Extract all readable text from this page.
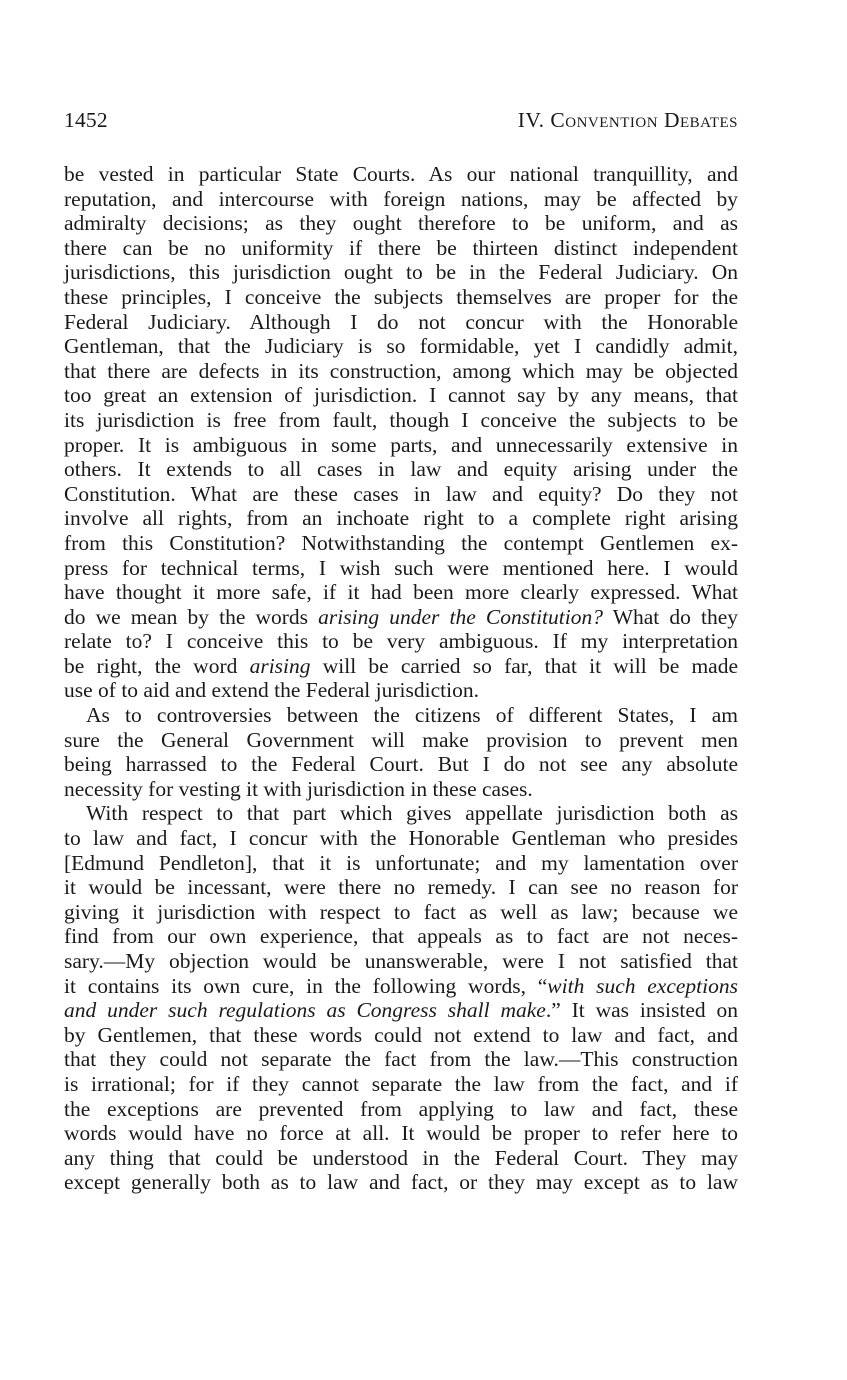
1452	IV. Convention Debates
be vested in particular State Courts. As our national tranquillity, and
reputation, and intercourse with foreign nations, may be affected by
admiralty decisions; as they ought therefore to be uniform, and as
there can be no uniformity if there be thirteen distinct independent
jurisdictions, this jurisdiction ought to be in the Federal Judiciary. On
these principles, I conceive the subjects themselves are proper for the
Federal Judiciary. Although I do not concur with the Honorable
Gentleman, that the Judiciary is so formidable, yet I candidly admit,
that there are defects in its construction, among which may be objected
too great an extension of jurisdiction. I cannot say by any means, that
its jurisdiction is free from fault, though I conceive the subjects to be
proper. It is ambiguous in some parts, and unnecessarily extensive in
others. It extends to all cases in law and equity arising under the
Constitution. What are these cases in law and equity? Do they not
involve all rights, from an inchoate right to a complete right arising
from this Constitution? Notwithstanding the contempt Gentlemen ex-
press for technical terms, I wish such were mentioned here. I would
have thought it more safe, if it had been more clearly expressed. What
do we mean by the words arising under the Constitution? What do they
relate to? I conceive this to be very ambiguous. If my interpretation
be right, the word arising will be carried so far, that it will be made
use of to aid and extend the Federal jurisdiction.
As to controversies between the citizens of different States, I am
sure the General Government will make provision to prevent men
being harrassed to the Federal Court. But I do not see any absolute
necessity for vesting it with jurisdiction in these cases.
With respect to that part which gives appellate jurisdiction both as
to law and fact, I concur with the Honorable Gentleman who presides
[Edmund Pendleton], that it is unfortunate; and my lamentation over
it would be incessant, were there no remedy. I can see no reason for
giving it jurisdiction with respect to fact as well as law; because we
find from our own experience, that appeals as to fact are not neces-
sary.—My objection would be unanswerable, were I not satisfied that
it contains its own cure, in the following words, “with such exceptions
and under such regulations as Congress shall make.” It was insisted on
by Gentlemen, that these words could not extend to law and fact, and
that they could not separate the fact from the law.—This construction
is irrational; for if they cannot separate the law from the fact, and if
the exceptions are prevented from applying to law and fact, these
words would have no force at all. It would be proper to refer here to
any thing that could be understood in the Federal Court. They may
except generally both as to law and fact, or they may except as to law
